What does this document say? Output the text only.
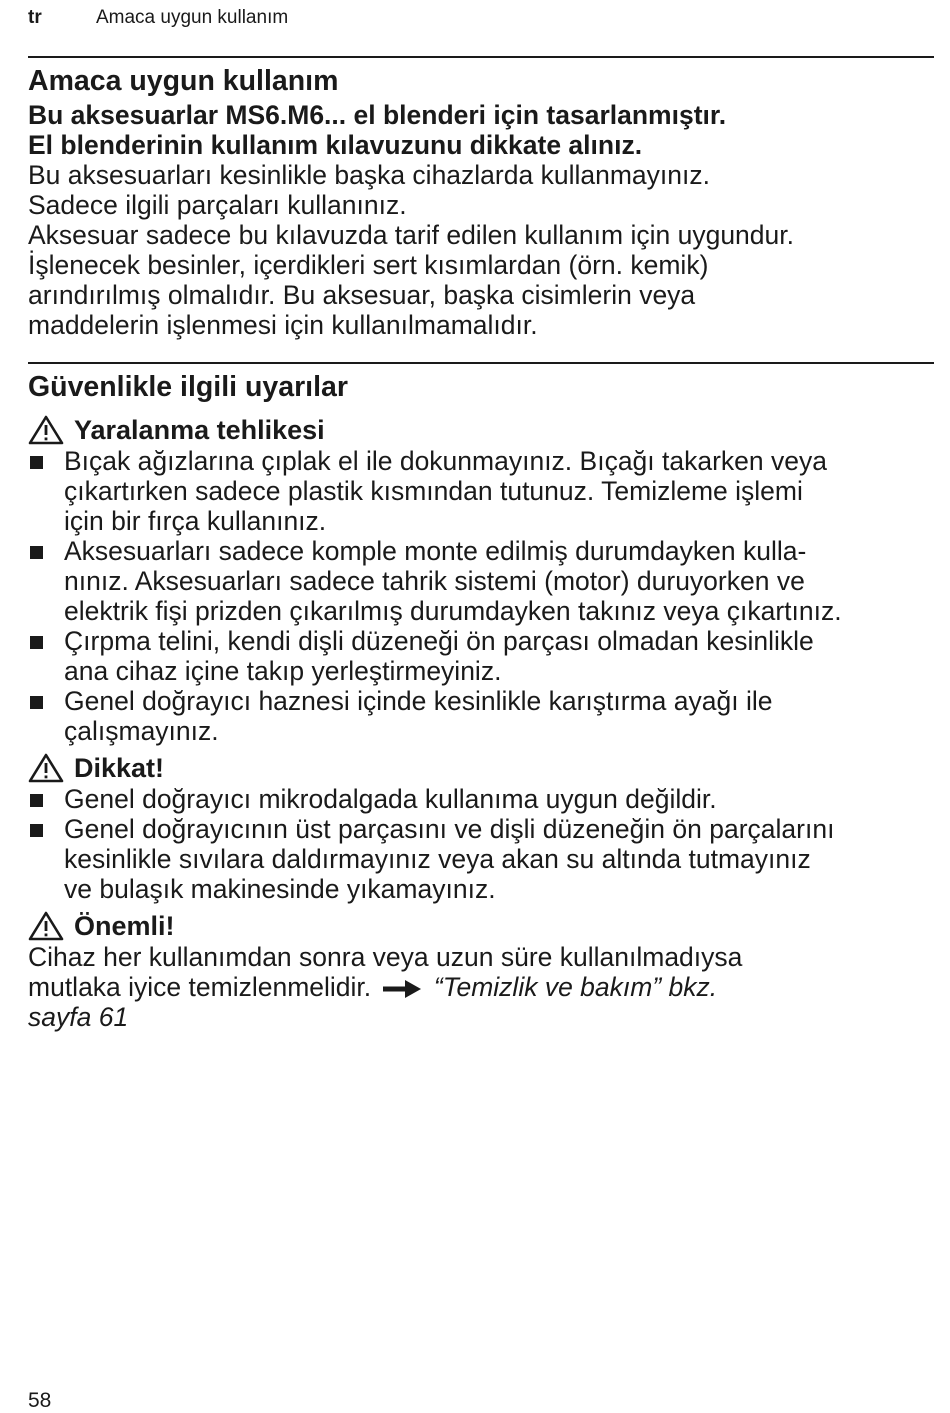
tr	Amaca uygun kullanım
Amaca uygun kullanım

Bu aksesuarlar MS6.M6... el blenderi için tasarlanmıştır.

El blenderinin kullanım kılavuzunu dikkate alınız.

Bu aksesuarları kesinlikle başka cihazlarda kullanmayınız.

Sadece ilgili parçaları kullanınız.

Aksesuar sadece bu kılavuzda tarif edilen kullanım için uygundur.

İşlenecek besinler, içerdikleri sert kısımlardan (örn. kemik)

arındırılmış olmalıdır. Bu aksesuar, başka cisimlerin veya

maddelerin işlenmesi için kullanılmamalıdır.

Güvenlikle ilgili uyarılar
Yaralanma tehlikesi

Bıçak ağızlarına çıplak el ile dokunmayınız. Bıçağı takarken veya

çıkartırken sadece plastik kısmından tutunuz. Temizleme işlemi

için bir fırça kullanınız.

Aksesuarları sadece komple monte edilmiş durumdayken kulla-

nınız. Aksesuarları sadece tahrik sistemi (motor) duruyorken ve

elektrik fişi prizden çıkarılmış durumdayken takınız veya çıkartınız.

Çırpma telini, kendi dişli düzeneği ön parçası olmadan kesinlikle

ana cihaz içine takıp yerleştirmeyiniz.

Genel doğrayıcı haznesi içinde kesinlikle karıştırma ayağı ile

çalışmayınız.

Dikkat!

Genel doğrayıcı mikrodalgada kullanıma uygun değildir.

Genel doğrayıcının üst parçasını ve dişli düzeneğin ön parçalarını

kesinlikle sıvılara daldırmayınız veya akan su altında tutmayınız

ve bulaşık makinesinde yıkamayınız.

Önemli!

Cihaz her kullanımdan sonra veya uzun süre kullanılmadıysa

mutlaka iyice temizlenmelidir. “Temizlik ve bakım” bkz.

sayfa 61

58
